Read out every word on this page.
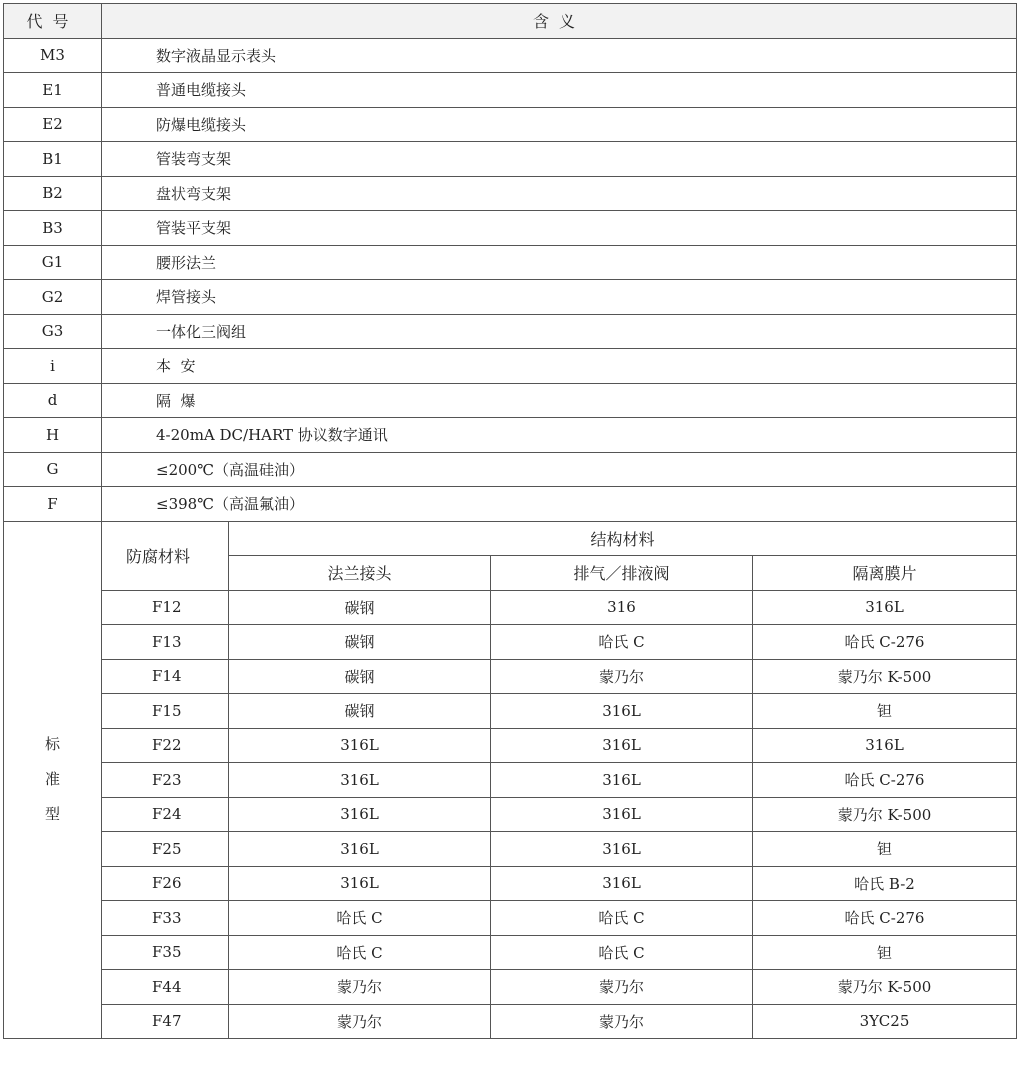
代号	含义			
M3	数字液晶显示表头			
E1	普通电缆接头			
E2	防爆电缆接头			
B1	管装弯支架			
B2	盘状弯支架			
B3	管装平支架			
G1	腰形法兰			
G2	焊管接头			
G3	一体化三阀组			
i	本  安			
d	隔  爆			
H	4-20mA DC/HART 协议数字通讯			
G	≤200℃（高温硅油）			
F	≤398℃（高温氟油）			

标
准
型	防腐材料	结构材料		
		法兰接头	排气／排液阀	隔离膜片
	F12	碳钢	316	316L
	F13	碳钢	哈氏 C	哈氏 C-276
	F14	碳钢	蒙乃尔	蒙乃尔 K-500
	F15	碳钢	316L	钽
	F22	316L	316L	316L
	F23	316L	316L	哈氏 C-276
	F24	316L	316L	蒙乃尔 K-500
	F25	316L	316L	钽
	F26	316L	316L	哈氏 B-2
	F33	哈氏 C	哈氏 C	哈氏 C-276
	F35	哈氏 C	哈氏 C	钽
	F44	蒙乃尔	蒙乃尔	蒙乃尔 K-500
	F47	蒙乃尔	蒙乃尔	3YC25
